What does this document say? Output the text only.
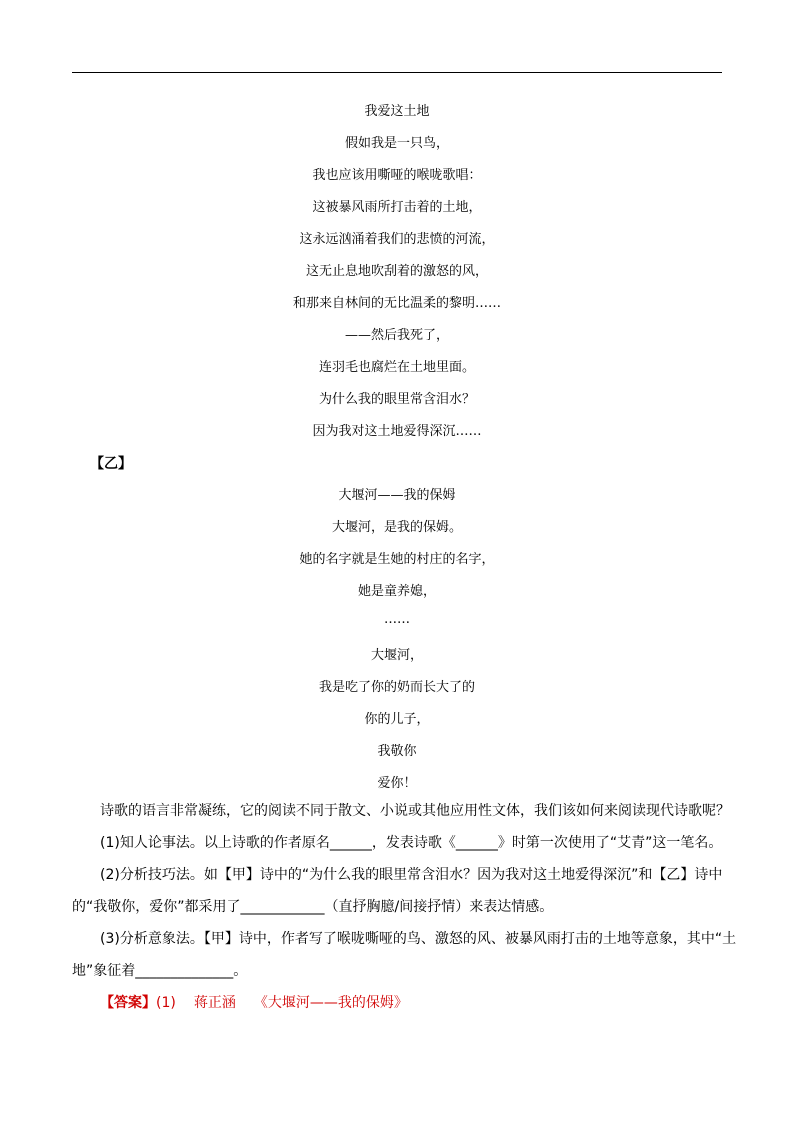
我爱这土地
假如我是一只鸟，
我也应该用嘶哑的喉咙歌唱：
这被暴风雨所打击着的土地，
这永远汹涌着我们的悲愤的河流，
这无止息地吹刮着的激怒的风，
和那来自林间的无比温柔的黎明……
——然后我死了，
连羽毛也腐烂在土地里面。
为什么我的眼里常含泪水？
因为我对这土地爱得深沉……
【乙】
大堰河——我的保姆
大堰河，是我的保姆。
她的名字就是生她的村庄的名字，
她是童养媳，
……
大堰河，
我是吃了你的奶而长大了的
你的儿子，
我敬你
爱你！
诗歌的语言非常凝练，它的阅读不同于散文、小说或其他应用性文体，我们该如何来阅读现代诗歌呢？
(1)知人论事法。以上诗歌的作者原名______，发表诗歌《______》时第一次使用了“艾青”这一笔名。
(2)分析技巧法。如【甲】诗中的“为什么我的眼里常含泪水？因为我对这土地爱得深沉”和【乙】诗中
的“我敬你，爱你”都采用了____________（直抒胸臆/间接抒情）来表达情感。
(3)分析意象法。【甲】诗中，作者写了喉咙嘶哑的鸟、激怒的风、被暴风雨打击的土地等意象，其中“土
地”象征着______________。
【答案】(1) 蒋正涵 《大堰河——我的保姆》
